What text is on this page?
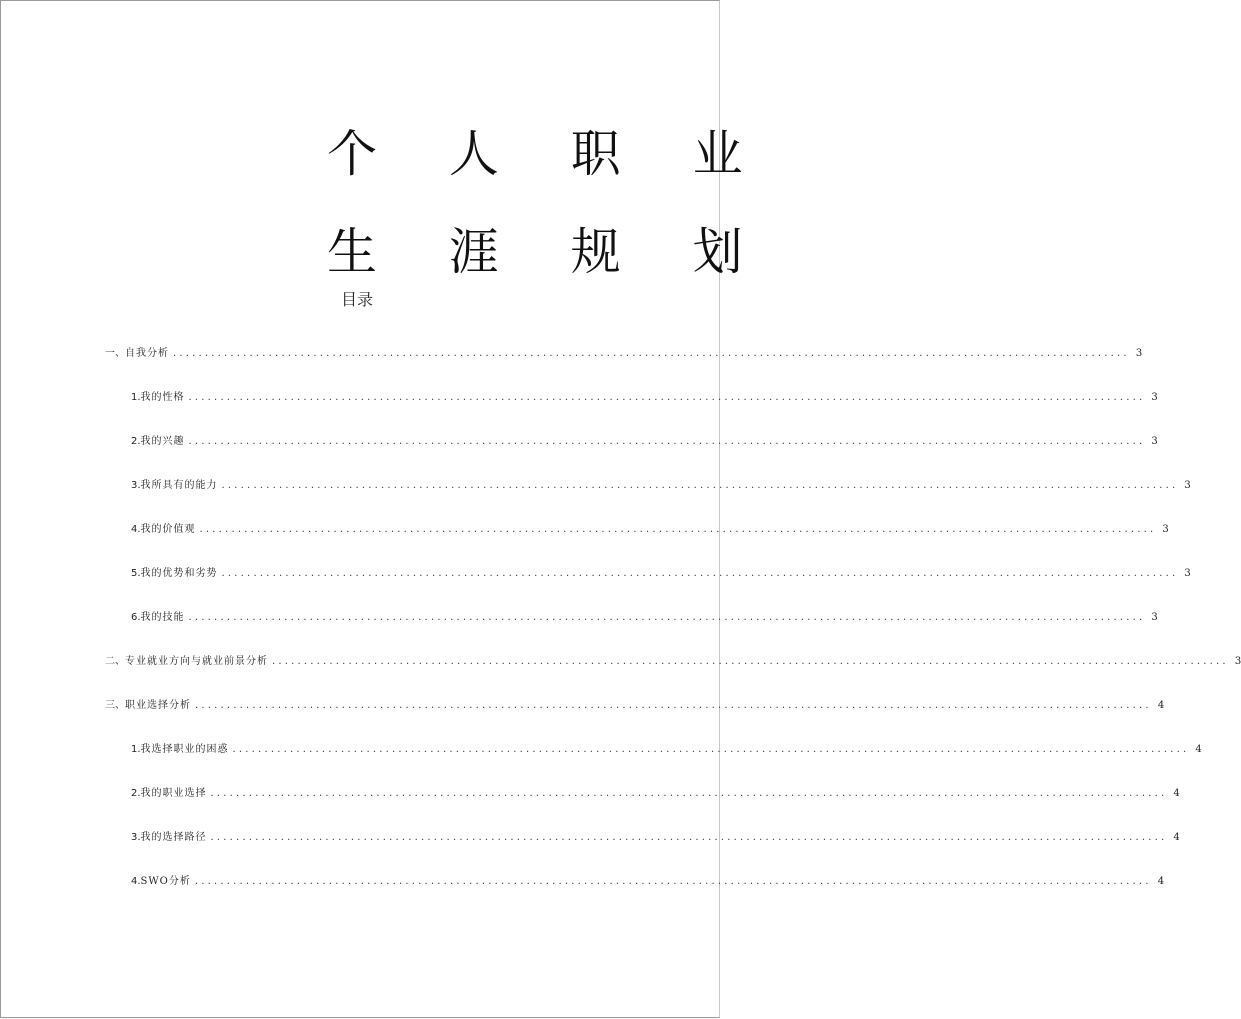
个 人 职 业
生 涯 规 划
目录
一、 自我分析 ...................................................................................................................................................... 3
1. 我的性格 ...................................................................................................................................................... 3
2. 我的兴趣 ...................................................................................................................................................... 3
3. 我所具有的能力 ...................................................................................................................................................... 3
4. 我的价值观 ...................................................................................................................................................... 3
5. 我的优势和劣势 ...................................................................................................................................................... 3
6. 我的技能 ...................................................................................................................................................... 3
二、 专业就业方向与就业前景分析 ...................................................................................................................................................... 3
三、 职业选择分析 ...................................................................................................................................................... 4
1. 我选择职业的困惑 ...................................................................................................................................................... 4
2. 我的职业选择 ...................................................................................................................................................... 4
3. 我的选择路径 ...................................................................................................................................................... 4
4. SWO分析 ...................................................................................................................................................... 4
